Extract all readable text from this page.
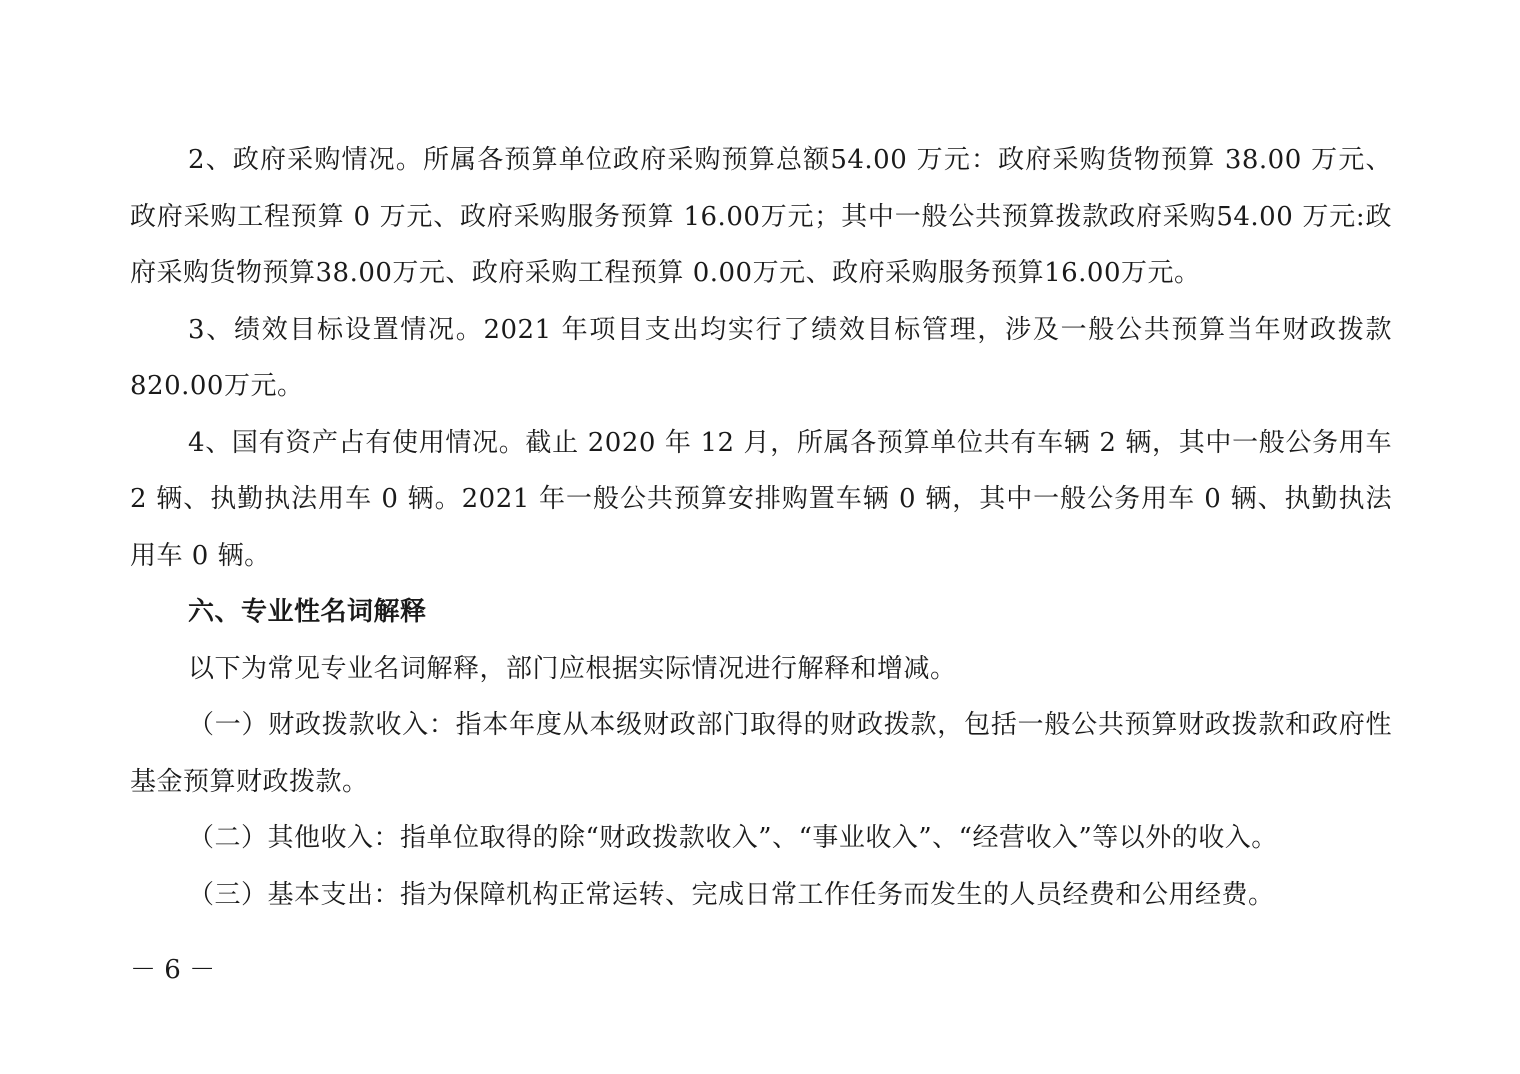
2、政府采购情况。所属各预算单位政府采购预算总额54.00 万元：政府采购货物预算 38.00 万元、政府采购工程预算 0 万元、政府采购服务预算 16.00万元；其中一般公共预算拨款政府采购54.00 万元:政府采购货物预算38.00万元、政府采购工程预算 0.00万元、政府采购服务预算16.00万元。

3、绩效目标设置情况。2021 年项目支出均实行了绩效目标管理，涉及一般公共预算当年财政拨款 820.00万元。

4、国有资产占有使用情况。截止 2020 年 12 月，所属各预算单位共有车辆 2 辆，其中一般公务用车 2 辆、执勤执法用车 0 辆。2021 年一般公共预算安排购置车辆 0 辆，其中一般公务用车 0 辆、执勤执法用车 0 辆。

六、专业性名词解释

以下为常见专业名词解释，部门应根据实际情况进行解释和增减。

（一）财政拨款收入：指本年度从本级财政部门取得的财政拨款，包括一般公共预算财政拨款和政府性基金预算财政拨款。

（二）其他收入：指单位取得的除“财政拨款收入”、“事业收入”、“经营收入”等以外的收入。

（三）基本支出：指为保障机构正常运转、完成日常工作任务而发生的人员经费和公用经费。

－ 6 －
